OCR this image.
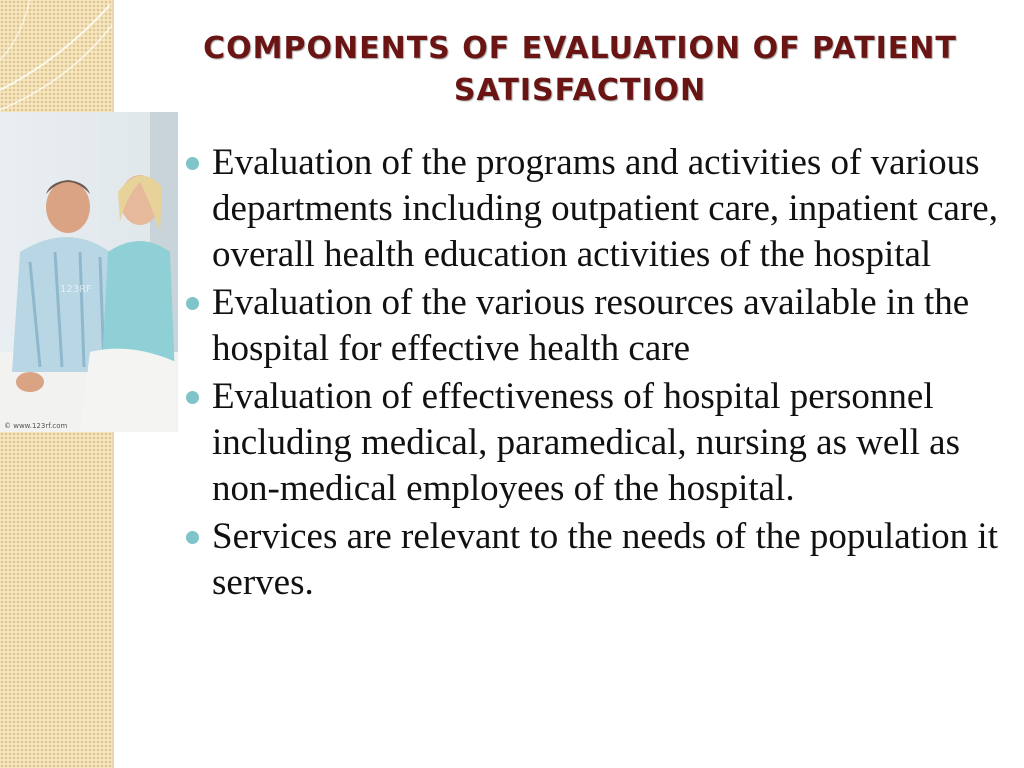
COMPONENTS OF EVALUATION OF PATIENT SATISFACTION
123RF
© www.123rf.com
Evaluation of the programs and activities of various departments including outpatient care, inpatient care, overall health education activities of the hospital
Evaluation of the various resources available in the hospital for effective health care
Evaluation of effectiveness of hospital personnel including medical, paramedical, nursing as well as non-medical employees of the hospital.
Services are relevant to the needs of the population it serves.
